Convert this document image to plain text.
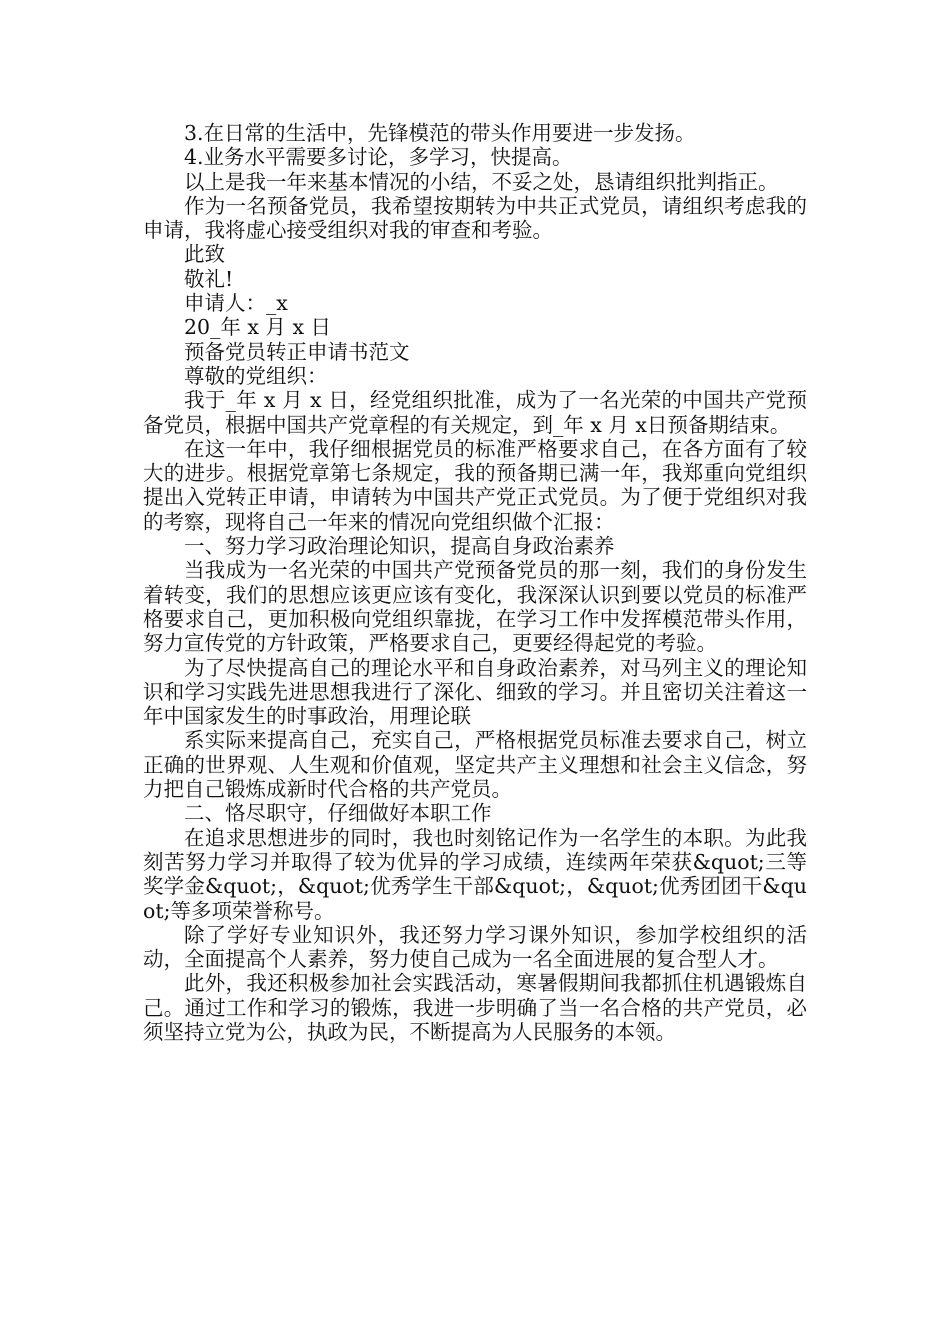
3.在日常的生活中，先锋模范的带头作用要进一步发扬。

4.业务水平需要多讨论，多学习，快提高。

以上是我一年来基本情况的小结，不妥之处，恳请组织批判指正。

作为一名预备党员，我希望按期转为中共正式党员，请组织考虑我的申请，我将虚心接受组织对我的审查和考验。

此致

敬礼!

申请人：_x

20_年 x 月 x 日

预备党员转正申请书范文

尊敬的党组织：

我于_年 x 月 x 日，经党组织批准，成为了一名光荣的中国共产党预备党员，根据中国共产党章程的有关规定，到_年 x 月 x日预备期结束。

在这一年中，我仔细根据党员的标准严格要求自己，在各方面有了较大的进步。根据党章第七条规定，我的预备期已满一年，我郑重向党组织提出入党转正申请，申请转为中国共产党正式党员。为了便于党组织对我的考察，现将自己一年来的情况向党组织做个汇报：

一、努力学习政治理论知识，提高自身政治素养

当我成为一名光荣的中国共产党预备党员的那一刻，我们的身份发生着转变，我们的思想应该更应该有变化，我深深认识到要以党员的标准严格要求自己，更加积极向党组织靠拢，在学习工作中发挥模范带头作用，努力宣传党的方针政策，严格要求自己，更要经得起党的考验。

为了尽快提高自己的理论水平和自身政治素养，对马列主义的理论知识和学习实践先进思想我进行了深化、细致的学习。并且密切关注着这一年中国家发生的时事政治，用理论联

系实际来提高自己，充实自己，严格根据党员标准去要求自己，树立正确的世界观、人生观和价值观，坚定共产主义理想和社会主义信念，努力把自己锻炼成新时代合格的共产党员。

二、恪尽职守，仔细做好本职工作

在追求思想进步的同时，我也时刻铭记作为一名学生的本职。为此我刻苦努力学习并取得了较为优异的学习成绩，连续两年荣获&quot;三等奖学金&quot;，&quot;优秀学生干部&quot;，&quot;优秀团团干&quot;等多项荣誉称号。

除了学好专业知识外，我还努力学习课外知识，参加学校组织的活动，全面提高个人素养，努力使自己成为一名全面进展的复合型人才。

此外，我还积极参加社会实践活动，寒暑假期间我都抓住机遇锻炼自己。通过工作和学习的锻炼，我进一步明确了当一名合格的共产党员，必须坚持立党为公，执政为民，不断提高为人民服务的本领。
